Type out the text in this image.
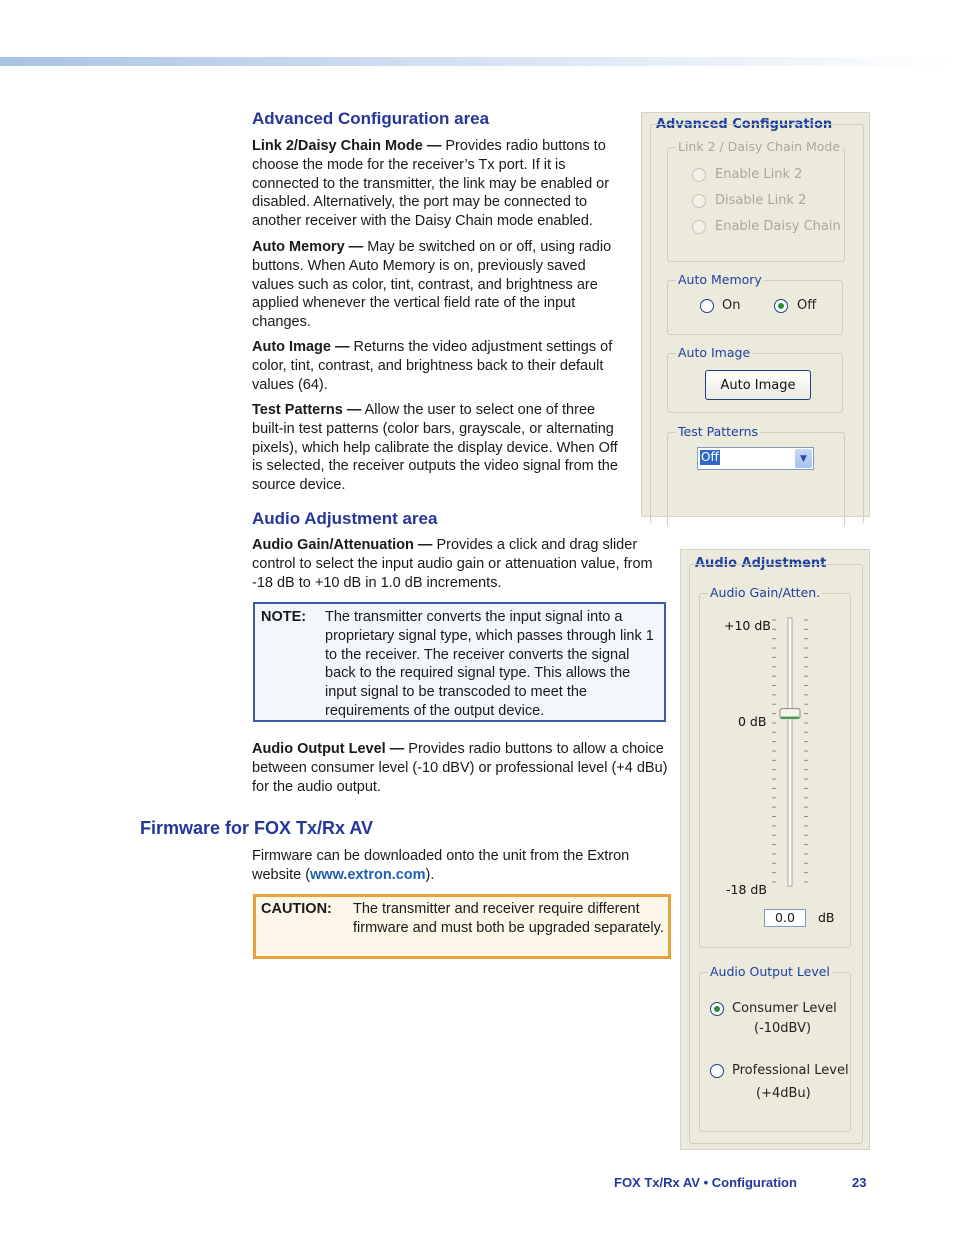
Advanced Configuration area
Link 2/Daisy Chain Mode — Provides radio buttons to choose the mode for the receiver’s Tx port. If it is connected to the transmitter, the link may be enabled or disabled. Alternatively, the port may be connected to another receiver with the Daisy Chain mode enabled.
Auto Memory — May be switched on or off, using radio buttons. When Auto Memory is on, previously saved values such as color, tint, contrast, and brightness are applied whenever the vertical field rate of the input changes.
Auto Image — Returns the video adjustment settings of color, tint, contrast, and brightness back to their default values (64).
Test Patterns — Allow the user to select one of three built-in test patterns (color bars, grayscale, or alternating pixels), which help calibrate the display device. When Off is selected, the receiver outputs the video signal from the source device.
Audio Adjustment area
Audio Gain/Attenuation — Provides a click and drag slider control to select the input audio gain or attenuation value, from -18 dB to +10 dB in 1.0 dB increments.
NOTE: The transmitter converts the input signal into a proprietary signal type, which passes through link 1 to the receiver. The receiver converts the signal back to the required signal type. This allows the input signal to be transcoded to meet the requirements of the output device.
Audio Output Level — Provides radio buttons to allow a choice between consumer level (-10 dBV) or professional level (+4 dBu) for the audio output.
Firmware for FOX Tx/Rx AV
Firmware can be downloaded onto the unit from the Extron website (www.extron.com).
CAUTION: The transmitter and receiver require different firmware and must both be upgraded separately.
Advanced Configuration
Link 2 / Daisy Chain Mode
Enable Link 2
Disable Link 2
Enable Daisy Chain
Auto Memory
On	Off
Auto Image
Auto Image
Test Patterns
Off	▼
Audio Adjustment
Audio Gain/Atten.
+10 dB
0 dB
-18 dB
0.0	dB
Audio Output Level
Consumer Level
(-10dBV)
Professional Level
(+4dBu)
FOX Tx/Rx AV • Configuration	23
